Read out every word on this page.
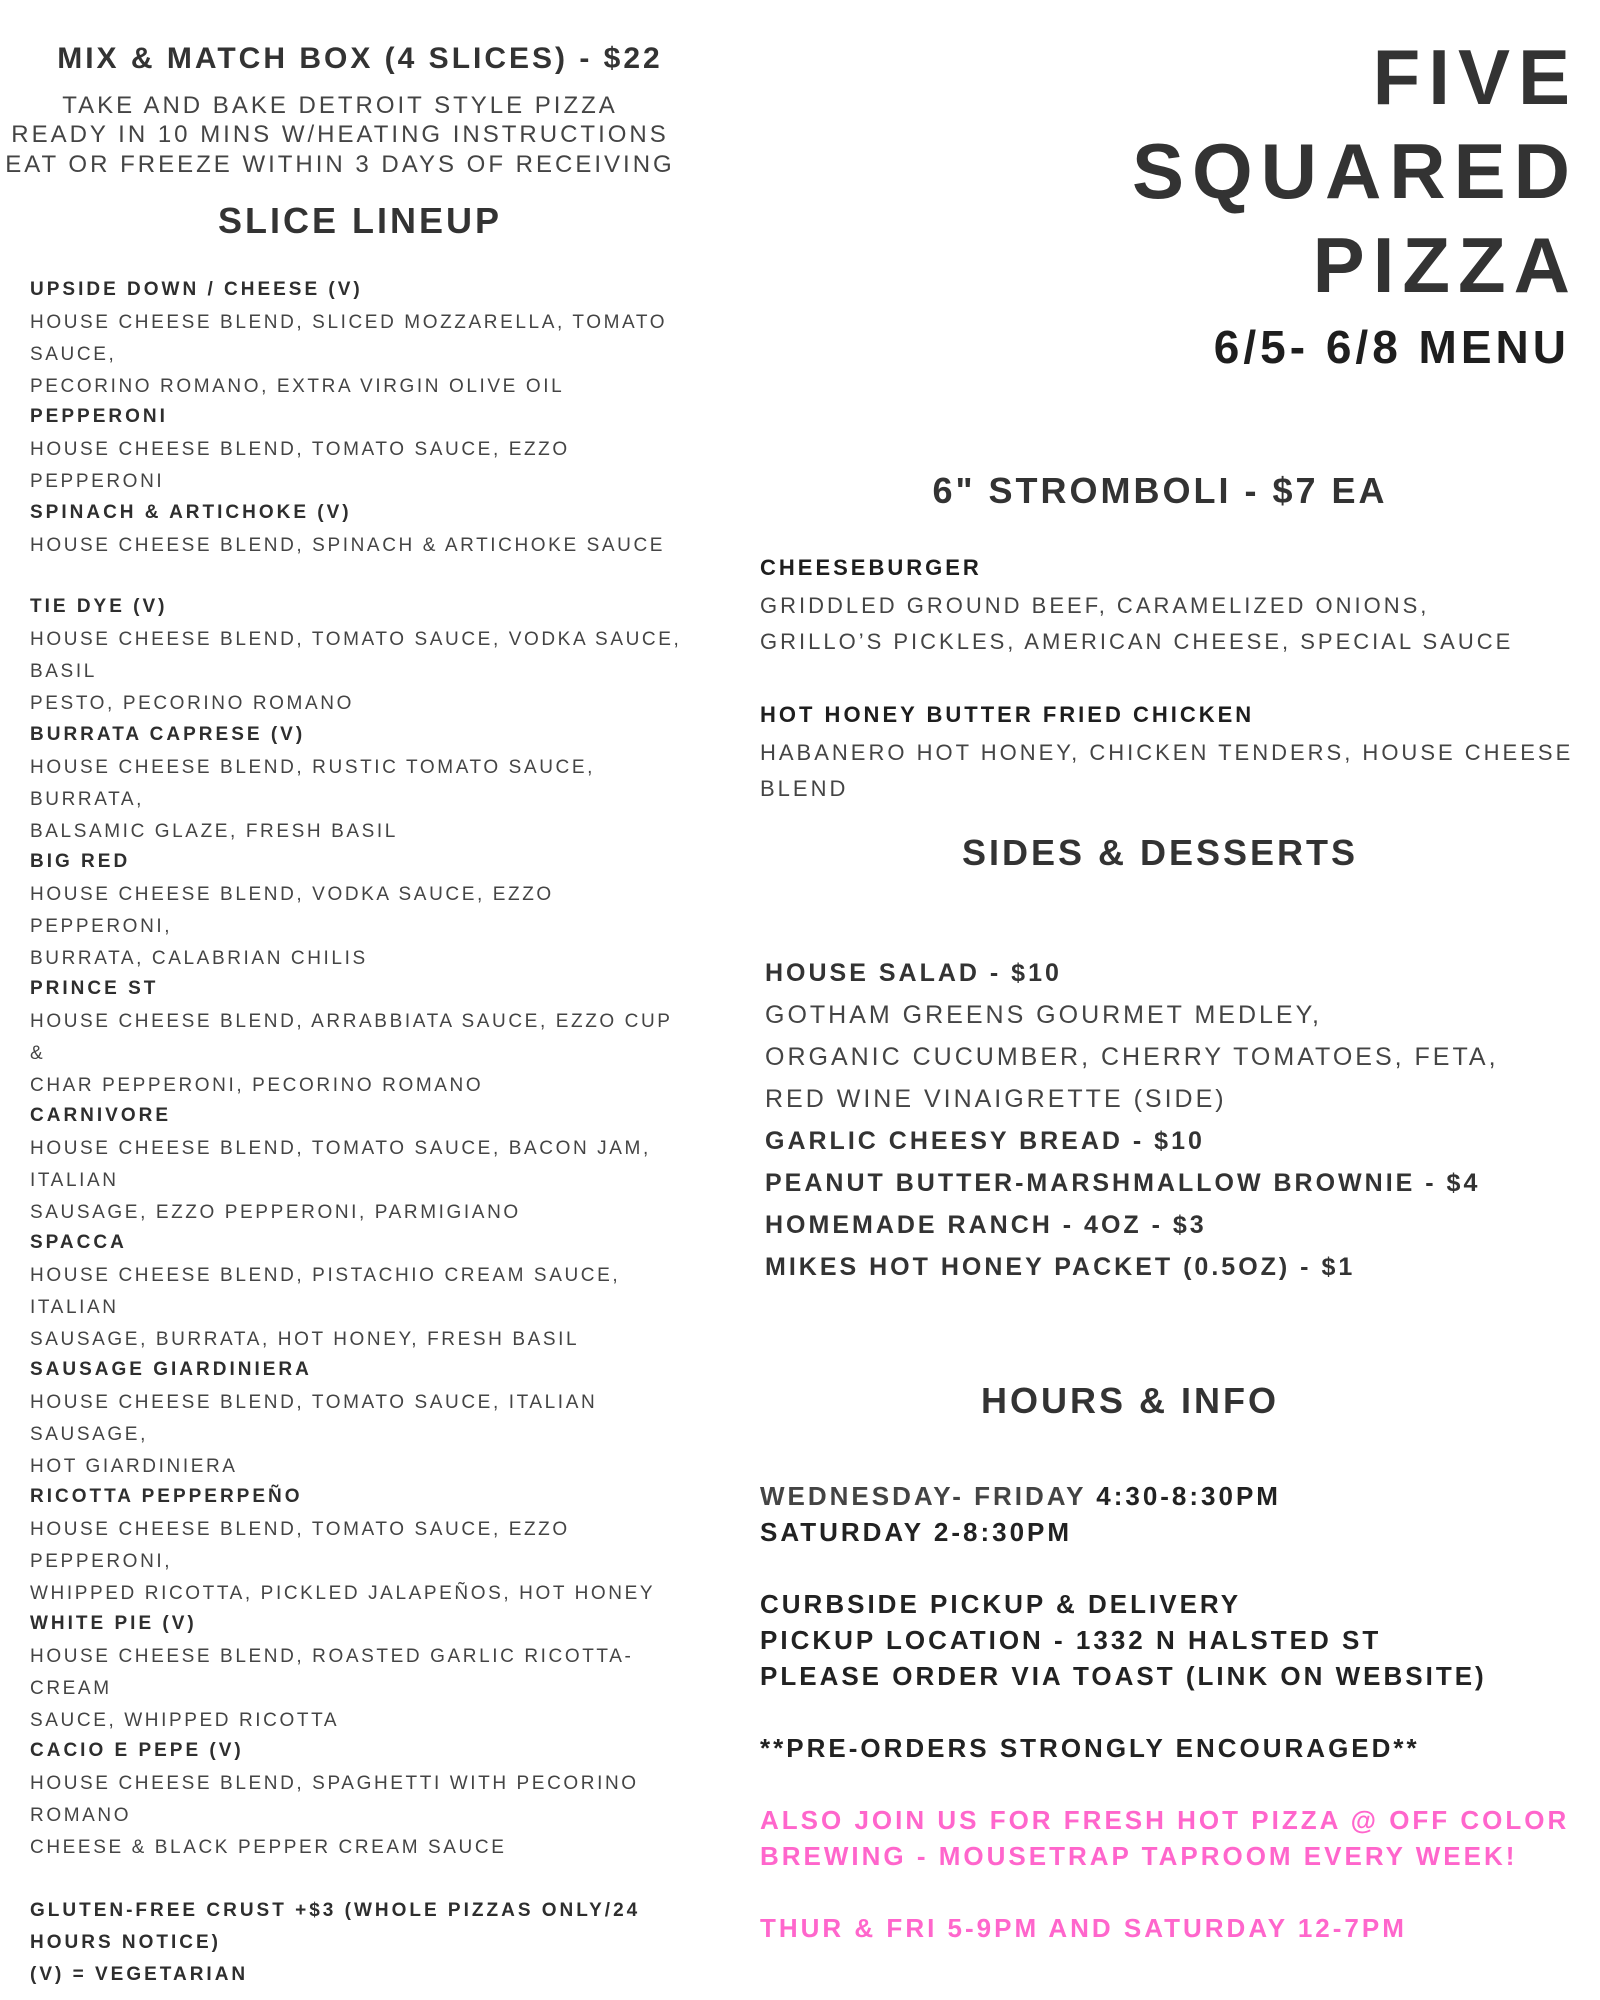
MIX & MATCH BOX (4 SLICES) - $22
TAKE AND BAKE DETROIT STYLE PIZZA
READY IN 10 MINS W/HEATING INSTRUCTIONS
EAT OR FREEZE WITHIN 3 DAYS OF RECEIVING
SLICE LINEUP
UPSIDE DOWN / CHEESE (V)
HOUSE CHEESE BLEND, SLICED MOZZARELLA, TOMATO SAUCE,
PECORINO ROMANO, EXTRA VIRGIN OLIVE OIL
PEPPERONI
HOUSE CHEESE BLEND, TOMATO SAUCE, EZZO PEPPERONI
SPINACH & ARTICHOKE (V)
HOUSE CHEESE BLEND, SPINACH & ARTICHOKE SAUCE
TIE DYE (V)
HOUSE CHEESE BLEND, TOMATO SAUCE, VODKA SAUCE, BASIL
PESTO, PECORINO ROMANO
BURRATA CAPRESE (V)
HOUSE CHEESE BLEND, RUSTIC TOMATO SAUCE, BURRATA,
BALSAMIC GLAZE, FRESH BASIL
BIG RED
HOUSE CHEESE BLEND, VODKA SAUCE, EZZO PEPPERONI,
BURRATA, CALABRIAN CHILIS
PRINCE ST
HOUSE CHEESE BLEND, ARRABBIATA SAUCE, EZZO CUP &
CHAR PEPPERONI, PECORINO ROMANO
CARNIVORE
HOUSE CHEESE BLEND, TOMATO SAUCE, BACON JAM, ITALIAN
SAUSAGE, EZZO PEPPERONI, PARMIGIANO
SPACCA
HOUSE CHEESE BLEND, PISTACHIO CREAM SAUCE, ITALIAN
SAUSAGE, BURRATA, HOT HONEY, FRESH BASIL
SAUSAGE GIARDINIERA
HOUSE CHEESE BLEND, TOMATO SAUCE, ITALIAN SAUSAGE,
HOT GIARDINIERA
RICOTTA PEPPERPEÑO
HOUSE CHEESE BLEND, TOMATO SAUCE, EZZO PEPPERONI,
WHIPPED RICOTTA, PICKLED JALAPEÑOS, HOT HONEY
WHITE PIE (V)
HOUSE CHEESE BLEND, ROASTED GARLIC RICOTTA-CREAM
SAUCE, WHIPPED RICOTTA
CACIO E PEPE (V)
HOUSE CHEESE BLEND, SPAGHETTI WITH PECORINO ROMANO
CHEESE & BLACK PEPPER CREAM SAUCE
GLUTEN-FREE CRUST +$3 (WHOLE PIZZAS ONLY/24
HOURS NOTICE)
(V) = VEGETARIAN
FIVE
SQUARED
PIZZA
6/5- 6/8 MENU
6" STROMBOLI - $7 EA
CHEESEBURGER
GRIDDLED GROUND BEEF, CARAMELIZED ONIONS,
GRILLO’S PICKLES, AMERICAN CHEESE, SPECIAL SAUCE
HOT HONEY BUTTER FRIED CHICKEN
HABANERO HOT HONEY, CHICKEN TENDERS, HOUSE CHEESE BLEND
SIDES & DESSERTS
HOUSE SALAD - $10
GOTHAM GREENS GOURMET MEDLEY,
ORGANIC CUCUMBER, CHERRY TOMATOES, FETA,
RED WINE VINAIGRETTE (SIDE)
GARLIC CHEESY BREAD - $10
PEANUT BUTTER-MARSHMALLOW BROWNIE - $4
HOMEMADE RANCH - 4OZ - $3
MIKES HOT HONEY PACKET (0.5OZ) - $1
HOURS & INFO
WEDNESDAY- FRIDAY 4:30-8:30PM
SATURDAY 2-8:30PM
CURBSIDE PICKUP & DELIVERY
PICKUP LOCATION - 1332 N HALSTED ST
PLEASE ORDER VIA TOAST (LINK ON WEBSITE)
**PRE-ORDERS STRONGLY ENCOURAGED**
ALSO JOIN US FOR FRESH HOT PIZZA @ OFF COLOR
BREWING - MOUSETRAP TAPROOM EVERY WEEK!
THUR & FRI 5-9PM AND SATURDAY 12-7PM
